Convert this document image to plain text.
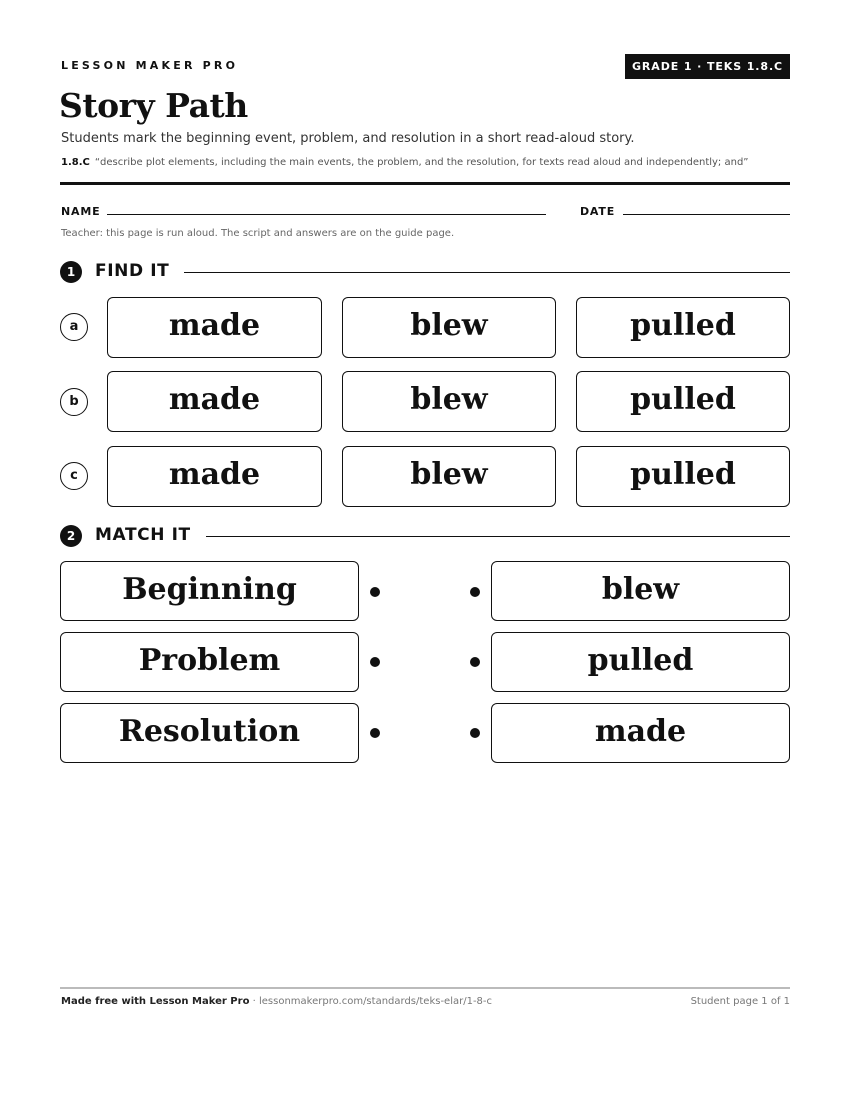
LESSON MAKER PRO	GRADE 1 · TEKS 1.8.C
Story Path
Students mark the beginning event, problem, and resolution in a short read-aloud story.
1.8.C “describe plot elements, including the main events, the problem, and the resolution, for texts read aloud and independently; and”
NAME	DATE
Teacher: this page is run aloud. The script and answers are on the guide page.
1	FIND IT
a	made	blew	pulled
b	made	blew	pulled
c	made	blew	pulled
2	MATCH IT
Beginning	blew
Problem	pulled
Resolution	made
Made free with Lesson Maker Pro · lessonmakerpro.com/standards/teks-elar/1-8-c	Student page 1 of 1
